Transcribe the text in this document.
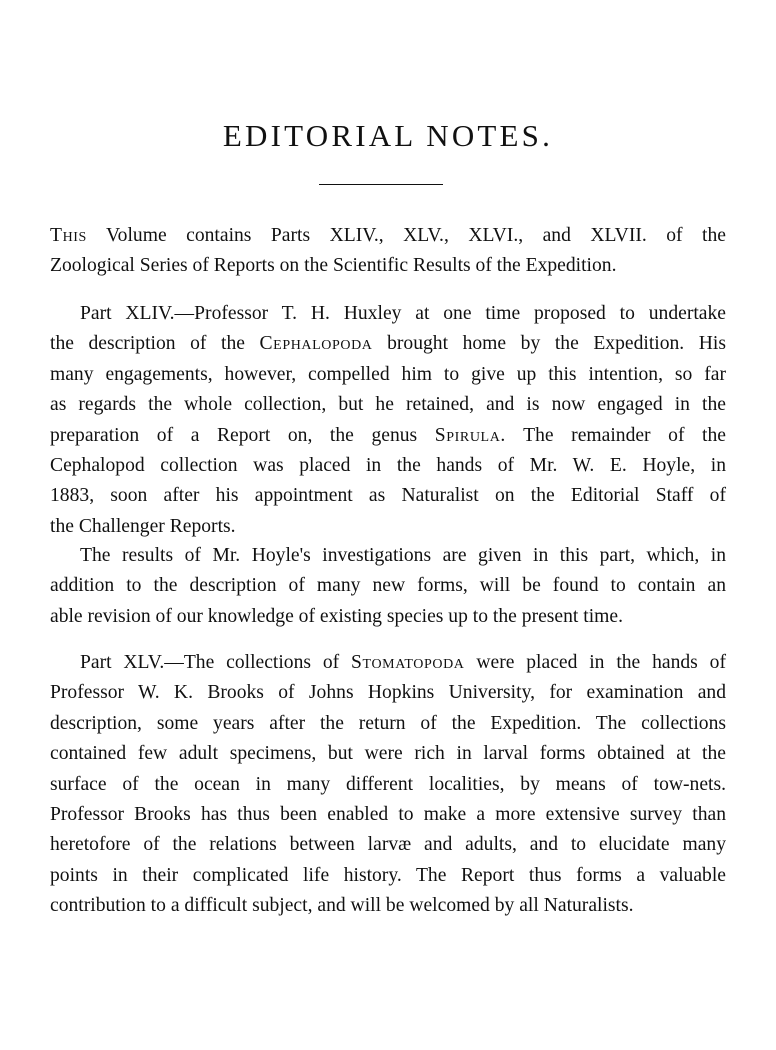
EDITORIAL NOTES.

This Volume contains Parts XLIV., XLV., XLVI., and XLVII. of the
Zoological Series of Reports on the Scientific Results of the Expedition.

Part XLIV.—Professor T. H. Huxley at one time proposed to undertake
the description of the Cephalopoda brought home by the Expedition. His
many engagements, however, compelled him to give up this intention, so far
as regards the whole collection, but he retained, and is now engaged in the
preparation of a Report on, the genus Spirula. The remainder of the
Cephalopod collection was placed in the hands of Mr. W. E. Hoyle, in
1883, soon after his appointment as Naturalist on the Editorial Staff of
the Challenger Reports.

The results of Mr. Hoyle's investigations are given in this part, which, in
addition to the description of many new forms, will be found to contain an
able revision of our knowledge of existing species up to the present time.

Part XLV.—The collections of Stomatopoda were placed in the hands of
Professor W. K. Brooks of Johns Hopkins University, for examination and
description, some years after the return of the Expedition. The collections
contained few adult specimens, but were rich in larval forms obtained at the
surface of the ocean in many different localities, by means of tow-nets.
Professor Brooks has thus been enabled to make a more extensive survey than
heretofore of the relations between larvæ and adults, and to elucidate many
points in their complicated life history. The Report thus forms a valuable
contribution to a difficult subject, and will be welcomed by all Naturalists.
